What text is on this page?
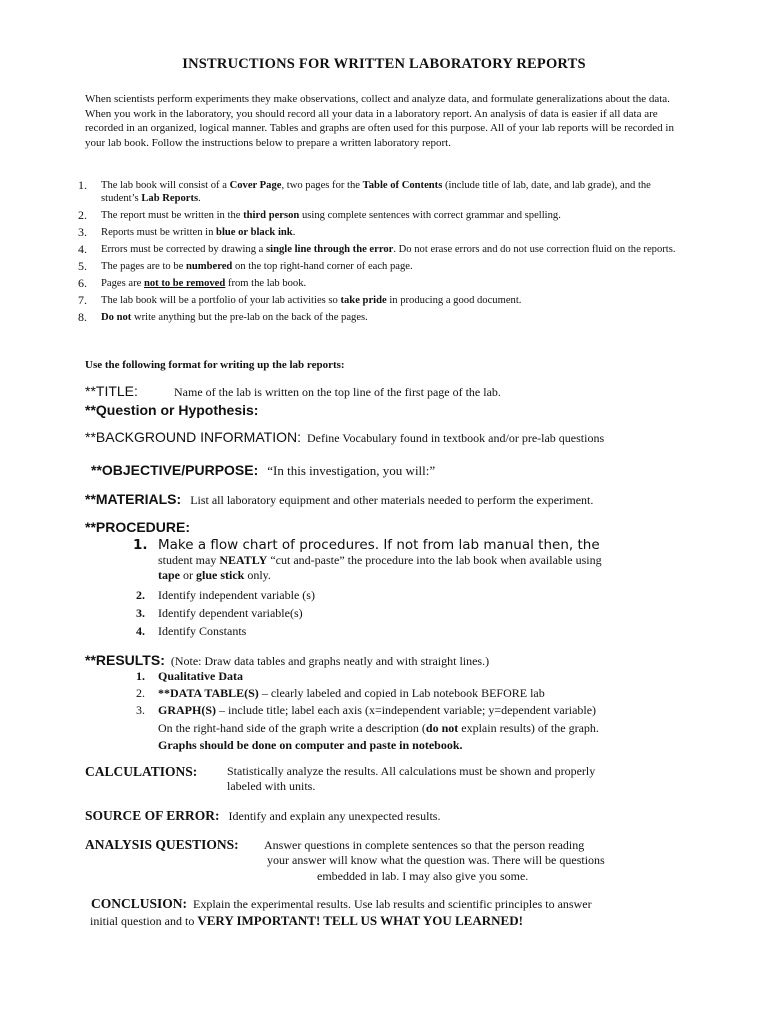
INSTRUCTIONS FOR WRITTEN LABORATORY REPORTS
When scientists perform experiments they make observations, collect and analyze data, and formulate generalizations about the data. When you work in the laboratory, you should record all your data in a laboratory report. An analysis of data is easier if all data are recorded in an organized, logical manner. Tables and graphs are often used for this purpose. All of your lab reports will be recorded in your lab book. Follow the instructions below to prepare a written laboratory report.
1.	The lab book will consist of a Cover Page, two pages for the Table of Contents (include title of lab, date, and lab grade), and the student’s Lab Reports.
2.	The report must be written in the third person using complete sentences with correct grammar and spelling.
3.	Reports must be written in blue or black ink.
4.	Errors must be corrected by drawing a single line through the error. Do not erase errors and do not use correction fluid on the reports.
5.	The pages are to be numbered on the top right-hand corner of each page.
6.	Pages are not to be removed from the lab book.
7.	The lab book will be a portfolio of your lab activities so take pride in producing a good document.
8.	Do not write anything but the pre-lab on the back of the pages.
Use the following format for writing up the lab reports:
**TITLE:	Name of the lab is written on the top line of the first page of the lab.
**Question or Hypothesis:
**BACKGROUND INFORMATION: Define Vocabulary found in textbook and/or pre-lab questions
**OBJECTIVE/PURPOSE: “In this investigation, you will:”
**MATERIALS: List all laboratory equipment and other materials needed to perform the experiment.
**PROCEDURE:
1. Make a flow chart of procedures. If not from lab manual then, the
student may NEATLY “cut and-paste” the procedure into the lab book when available using
tape or glue stick only.
2.	Identify independent variable (s)
3.	Identify dependent variable(s)
4.	Identify Constants
**RESULTS: (Note: Draw data tables and graphs neatly and with straight lines.)
1.	Qualitative Data
2.	**DATA TABLE(S) – clearly labeled and copied in Lab notebook BEFORE lab
3.	GRAPH(S) – include title; label each axis (x=independent variable; y=dependent variable)
On the right-hand side of the graph write a description (do not explain results) of the graph.
Graphs should be done on computer and paste in notebook.
CALCULATIONS: Statistically analyze the results. All calculations must be shown and properly
labeled with units.
SOURCE OF ERROR: Identify and explain any unexpected results.
ANALYSIS QUESTIONS: Answer questions in complete sentences so that the person reading
your answer will know what the question was. There will be questions
embedded in lab. I may also give you some.
CONCLUSION: Explain the experimental results. Use lab results and scientific principles to answer
initial question and to VERY IMPORTANT! TELL US WHAT YOU LEARNED!
